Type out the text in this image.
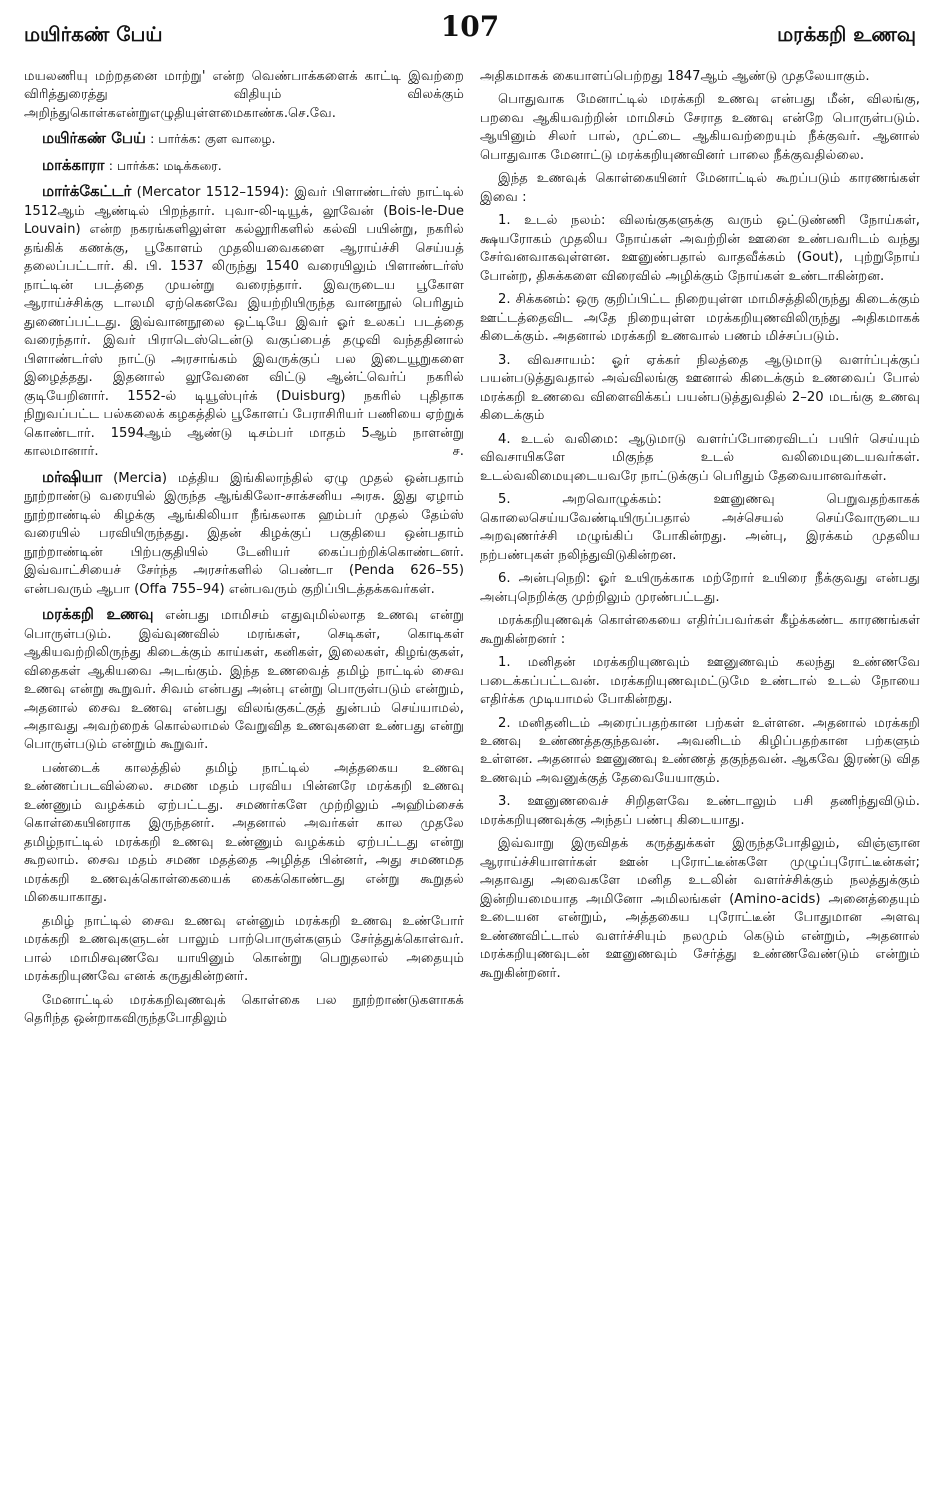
மயிர்கண் பேய்	107	மரக்கறி உணவு

மயலணியு மற்றதனை மாற்று' என்ற வெண்பாக்களைக் காட்டி இவற்றை விரித்துரைத்து விதியும் விலக்கும் அறிந்துகொள்கஎன்றுஎழுதியுள்ளமைகாண்க.செ.வே.

மயிர்கண் பேய் : பார்க்க: குள வாழை.

மாக்காரா : பார்க்க: மடிக்கரை.

மார்க்கேட்டர் (Mercator 1512–1594): இவர் பிளாண்டர்ஸ் நாட்டில் 1512ஆம் ஆண்டில் பிறந்தார். புவா-லி-டியூக், லூவேன் (Bois-le-Due Louvain) என்ற நகரங்களிலுள்ள கல்லூரிகளில் கல்வி பயின்று, நகரில் தங்கிக் கணக்கு, பூகோளம் முதலியவைகளை ஆராய்ச்சி செய்யத் தலைப்பட்டார். கி. பி. 1537 லிருந்து 1540 வரையிலும் பிளாண்டர்ஸ் நாட்டின் படத்தை முயன்று வரைந்தார். இவருடைய பூகோள ஆராய்ச்சிக்கு டாலமி ஏற்கெனவே இயற்றியிருந்த வானநூல் பெரிதும் துணைப்பட்டது. இவ்வானநூலை ஒட்டியே இவர் ஓர் உலகப் படத்தை வரைந்தார். இவர் பிராடெஸ்டென்டு வகுப்பைத் தழுவி வந்ததினால் பிளாண்டர்ஸ் நாட்டு அரசாங்கம் இவருக்குப் பல இடையூறுகளை இழைத்தது. இதனால் லூவேனை விட்டு ஆன்ட்வெர்ப் நகரில் குடியேறினார். 1552-ல் டியூஸ்புர்க் (Duisburg) நகரில் புதிதாக நிறுவப்பட்ட பல்கலைக் கழகத்தில் பூகோளப் பேராசிரியர் பணியை ஏற்றுக் கொண்டார். 1594ஆம் ஆண்டு டிசம்பர் மாதம் 5ஆம் நாளன்று காலமானார்.	ச.

மர்ஷியா (Mercia) மத்திய இங்கிலாந்தில் ஏழு முதல் ஒன்பதாம் நூற்றாண்டு வரையில் இருந்த ஆங்கிலோ-சாக்சனிய அரசு. இது ஏழாம் நூற்றாண்டில் கிழக்கு ஆங்கிலியா நீங்கலாக ஹம்பர் முதல் தேம்ஸ் வரையில் பரவியிருந்தது. இதன் கிழக்குப் பகுதியை ஒன்பதாம் நூற்றாண்டின் பிற்பகுதியில் டேனியர் கைப்பற்றிக்கொண்டனர். இவ்வாட்சியைச் சேர்ந்த அரசர்களில் பெண்டா (Penda 626–55) என்பவரும் ஆபா (Offa 755–94) என்பவரும் குறிப்பிடத்தக்கவர்கள்.

மரக்கறி உணவு என்பது மாமிசம் எதுவுமில்லாத உணவு என்று பொருள்படும். இவ்வுணவில் மரங்கள், செடிகள், கொடிகள் ஆகியவற்றிலிருந்து கிடைக்கும் காய்கள், கனிகள், இலைகள், கிழங்குகள், விதைகள் ஆகியவை அடங்கும். இந்த உணவைத் தமிழ் நாட்டில் சைவ உணவு என்று கூறுவர். சிவம் என்பது அன்பு என்று பொருள்படும் என்றும், அதனால் சைவ உணவு என்பது விலங்குகட்குத் துன்பம் செய்யாமல், அதாவது அவற்றைக் கொல்லாமல் வேறுவித உணவுகளை உண்பது என்று பொருள்படும் என்றும் கூறுவர்.

பண்டைக் காலத்தில் தமிழ் நாட்டில் அத்தகைய உணவு உண்ணப்படவில்லை. சமண மதம் பரவிய பின்னரே மரக்கறி உணவு உண்ணும் வழக்கம் ஏற்பட்டது. சமணர்களே முற்றிலும் அஹிம்சைக் கொள்கையினராக இருந்தனர். அதனால் அவர்கள் கால முதலே தமிழ்நாட்டில் மரக்கறி உணவு உண்ணும் வழக்கம் ஏற்பட்டது என்று கூறலாம். சைவ மதம் சமண மதத்தை அழித்த பின்னர், அது சமணமத மரக்கறி உணவுக்கொள்கையைக் கைக்கொண்டது என்று கூறுதல் மிகையாகாது.

தமிழ் நாட்டில் சைவ உணவு என்னும் மரக்கறி உணவு உண்போர் மரக்கறி உணவுகளுடன் பாலும் பாற்பொருள்களும் சேர்த்துக்கொள்வர். பால் மாமிசவுணவே யாயினும் கொன்று பெறுதலால் அதையும் மரக்கறியுணவே எனக் கருதுகின்றனர்.

மேனாட்டில் மரக்கறிவுணவுக் கொள்கை பல நூற்றாண்டுகளாகக் தெரிந்த ஒன்றாகவிருந்தபோதிலும்

அதிகமாகக் கையாளப்பெற்றது 1847ஆம் ஆண்டு முதலேயாகும்.

பொதுவாக மேனாட்டில் மரக்கறி உணவு என்பது மீன், விலங்கு, பறவை ஆகியவற்றின் மாமிசம் சேராத உணவு என்றே பொருள்படும். ஆயினும் சிலர் பால், முட்டை ஆகியவற்றையும் நீக்குவர். ஆனால் பொதுவாக மேனாட்டு மரக்கறியுணவினர் பாலை நீக்குவதில்லை.

இந்த உணவுக் கொள்கையினர் மேனாட்டில் கூறப்படும் காரணங்கள் இவை :

1. உடல் நலம்: விலங்குகளுக்கு வரும் ஒட்டுண்ணி நோய்கள், க்ஷயரோகம் முதலிய நோய்கள் அவற்றின் ஊனை உண்பவரிடம் வந்து சேர்வனவாகவுள்ளன. ஊனுண்பதால் வாதவீக்கம் (Gout), புற்றுநோய் போன்ற, திசுக்களை விரைவில் அழிக்கும் நோய்கள் உண்டாகின்றன.

2. சிக்கனம்: ஒரு குறிப்பிட்ட நிறையுள்ள மாமிசத்திலிருந்து கிடைக்கும் ஊட்டத்தைவிட அதே நிறையுள்ள மரக்கறியுணவிலிருந்து அதிகமாகக் கிடைக்கும். அதனால் மரக்கறி உணவால் பணம் மிச்சப்படும்.

3. விவசாயம்: ஓர் ஏக்கர் நிலத்தை ஆடுமாடு வளர்ப்புக்குப் பயன்படுத்துவதால் அவ்விலங்கு ஊனால் கிடைக்கும் உணவைப் போல் மரக்கறி உணவை விளைவிக்கப் பயன்படுத்துவதில் 2–20 மடங்கு உணவு கிடைக்கும்

4. உடல் வலிமை: ஆடுமாடு வளர்ப்போரைவிடப் பயிர் செய்யும் விவசாயிகளே மிகுந்த உடல் வலிமையுடையவர்கள். உடல்வலிமையுடையவரே நாட்டுக்குப் பெரிதும் தேவையானவர்கள்.

5. அறவொழுக்கம்: ஊனுணவு பெறுவதற்காகக் கொலைசெய்யவேண்டியிருப்பதால் அச்செயல் செய்வோருடைய அறவுணர்ச்சி மழுங்கிப் போகின்றது. அன்பு, இரக்கம் முதலிய நற்பண்புகள் நலிந்துவிடுகின்றன.

6. அன்புநெறி: ஓர் உயிருக்காக மற்றோர் உயிரை நீக்குவது என்பது அன்புநெறிக்கு முற்றிலும் முரண்பட்டது.

மரக்கறியுணவுக் கொள்கையை எதிர்ப்பவர்கள் கீழ்க்கண்ட காரணங்கள் கூறுகின்றனர் :

1. மனிதன் மரக்கறியுணவும் ஊனுணவும் கலந்து உண்ணவே படைக்கப்பட்டவன். மரக்கறியுணவுமட்டுமே உண்டால் உடல் நோயை எதிர்க்க முடியாமல் போகின்றது.

2. மனிதனிடம் அரைப்பதற்கான பற்கள் உள்ளன. அதனால் மரக்கறி உணவு உண்ணத்தகுந்தவன். அவனிடம் கிழிப்பதற்கான பற்களும் உள்ளன. அதனால் ஊனுணவு உண்ணத் தகுந்தவன். ஆகவே இரண்டு வித உணவும் அவனுக்குத் தேவையேயாகும்.

3. ஊனுணவைச் சிறிதளவே உண்டாலும் பசி தணிந்துவிடும். மரக்கறியுணவுக்கு அந்தப் பண்பு கிடையாது.

இவ்வாறு இருவிதக் கருத்துக்கள் இருந்தபோதிலும், விஞ்ஞான ஆராய்ச்சியாளர்கள் ஊன் புரோட்டீன்களே முழுப்புரோட்டீன்கள்; அதாவது அவைகளே மனித உடலின் வளர்ச்சிக்கும் நலத்துக்கும் இன்றியமையாத அமினோ அமிலங்கள் (Amino-acids) அனைத்தையும் உடையன என்றும், அத்தகைய புரோட்டீன் போதுமான அளவு உண்ணவிட்டால் வளர்ச்சியும் நலமும் கெடும் என்றும், அதனால் மரக்கறியுணவுடன் ஊனுணவும் சேர்த்து உண்ணவேண்டும் என்றும் கூறுகின்றனர்.
